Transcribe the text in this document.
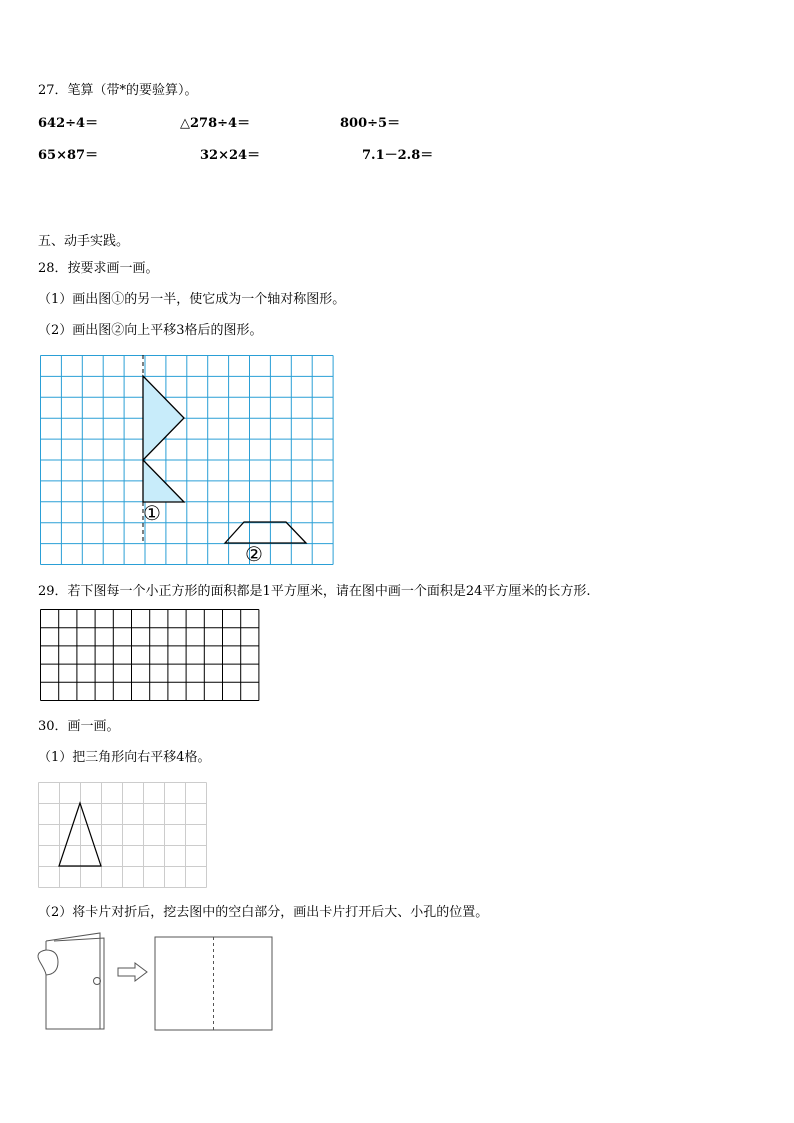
27．笔算（带*的要验算）。
642÷4＝	△278÷4＝	800÷5＝
65×87＝	32×24＝	7.1－2.8＝
五、动手实践。
28．按要求画一画。
（1）画出图①的另一半，使它成为一个轴对称图形。
（2）画出图②向上平移3格后的图形。
①
②
29．若下图每一个小正方形的面积都是1平方厘米，请在图中画一个面积是24平方厘米的长方形.
30．画一画。
（1）把三角形向右平移4格。
（2）将卡片对折后，挖去图中的空白部分，画出卡片打开后大、小孔的位置。
